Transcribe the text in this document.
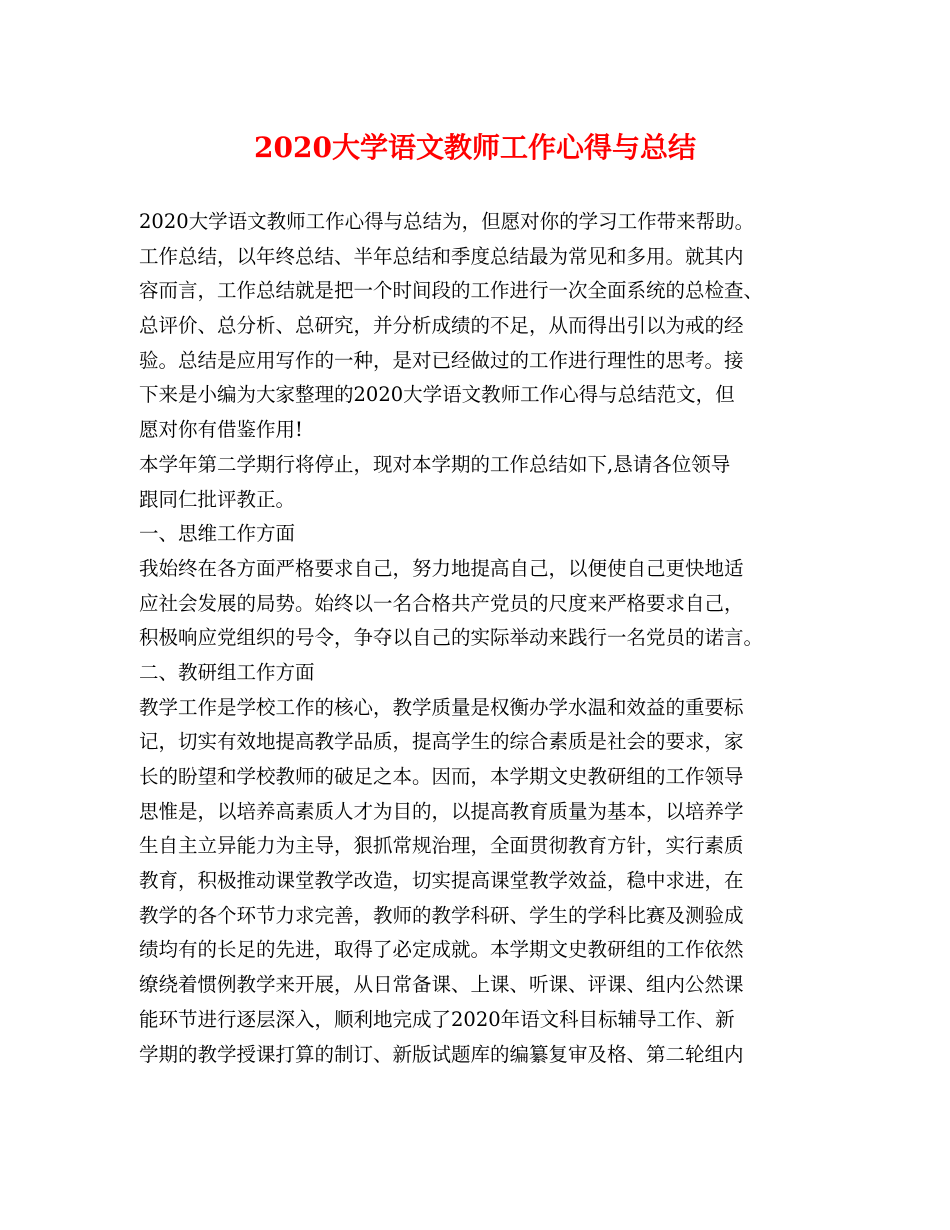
2020大学语文教师工作心得与总结
2020大学语文教师工作心得与总结为，但愿对你的学习工作带来帮助。
工作总结，以年终总结、半年总结和季度总结最为常见和多用。就其内
容而言，工作总结就是把一个时间段的工作进行一次全面系统的总检查、
总评价、总分析、总研究，并分析成绩的不足，从而得出引以为戒的经
验。总结是应用写作的一种，是对已经做过的工作进行理性的思考。接
下来是小编为大家整理的2020大学语文教师工作心得与总结范文，但
愿对你有借鉴作用!
本学年第二学期行将停止，现对本学期的工作总结如下,恳请各位领导
跟同仁批评教正。
一、思维工作方面
我始终在各方面严格要求自己，努力地提高自己，以便使自己更快地适
应社会发展的局势。始终以一名合格共产党员的尺度来严格要求自己，
积极响应党组织的号令，争夺以自己的实际举动来践行一名党员的诺言。
二、教研组工作方面
教学工作是学校工作的核心，教学质量是权衡办学水温和效益的重要标
记，切实有效地提高教学品质，提高学生的综合素质是社会的要求，家
长的盼望和学校教师的破足之本。因而，本学期文史教研组的工作领导
思惟是，以培养高素质人才为目的，以提高教育质量为基本，以培养学
生自主立异能力为主导，狠抓常规治理，全面贯彻教育方针，实行素质
教育，积极推动课堂教学改造，切实提高课堂教学效益，稳中求进，在
教学的各个环节力求完善，教师的教学科研、学生的学科比赛及测验成
绩均有的长足的先进，取得了必定成就。本学期文史教研组的工作依然
缭绕着惯例教学来开展，从日常备课、上课、听课、评课、组内公然课
能环节进行逐层深入，顺利地完成了2020年语文科目标辅导工作、新
学期的教学授课打算的制订、新版试题库的编纂复审及格、第二轮组内
